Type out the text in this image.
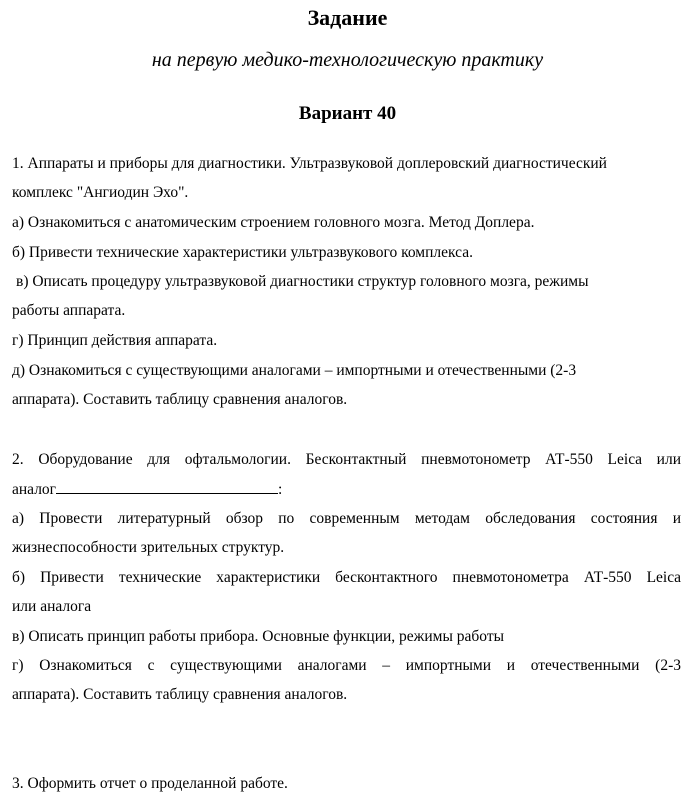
Задание
на первую медико-технологическую практику
Вариант 40
1. Аппараты и приборы для диагностики. Ультразвуковой доплеровский диагностический
комплекс "Ангиодин Эхо".
а) Ознакомиться с анатомическим строением головного мозга. Метод Доплера.
б) Привести технические характеристики ультразвукового комплекса.
в) Описать процедуру ультразвуковой диагностики структур головного мозга, режимы
работы аппарата.
г) Принцип действия аппарата.
д) Ознакомиться с существующими аналогами – импортными и отечественными (2-3
аппарата). Составить таблицу сравнения аналогов.
2. Оборудование для офтальмологии. Бесконтактный пневмотонометр АТ-550 Leica или
аналог	:
а) Провести литературный обзор по современным методам обследования состояния и
жизнеспособности зрительных структур.
б) Привести технические характеристики бесконтактного пневмотонометра АТ-550 Leica
или аналога
в) Описать принцип работы прибора. Основные функции, режимы работы
г) Ознакомиться с существующими аналогами – импортными и отечественными (2-3
аппарата). Составить таблицу сравнения аналогов.
3. Оформить отчет о проделанной работе.
